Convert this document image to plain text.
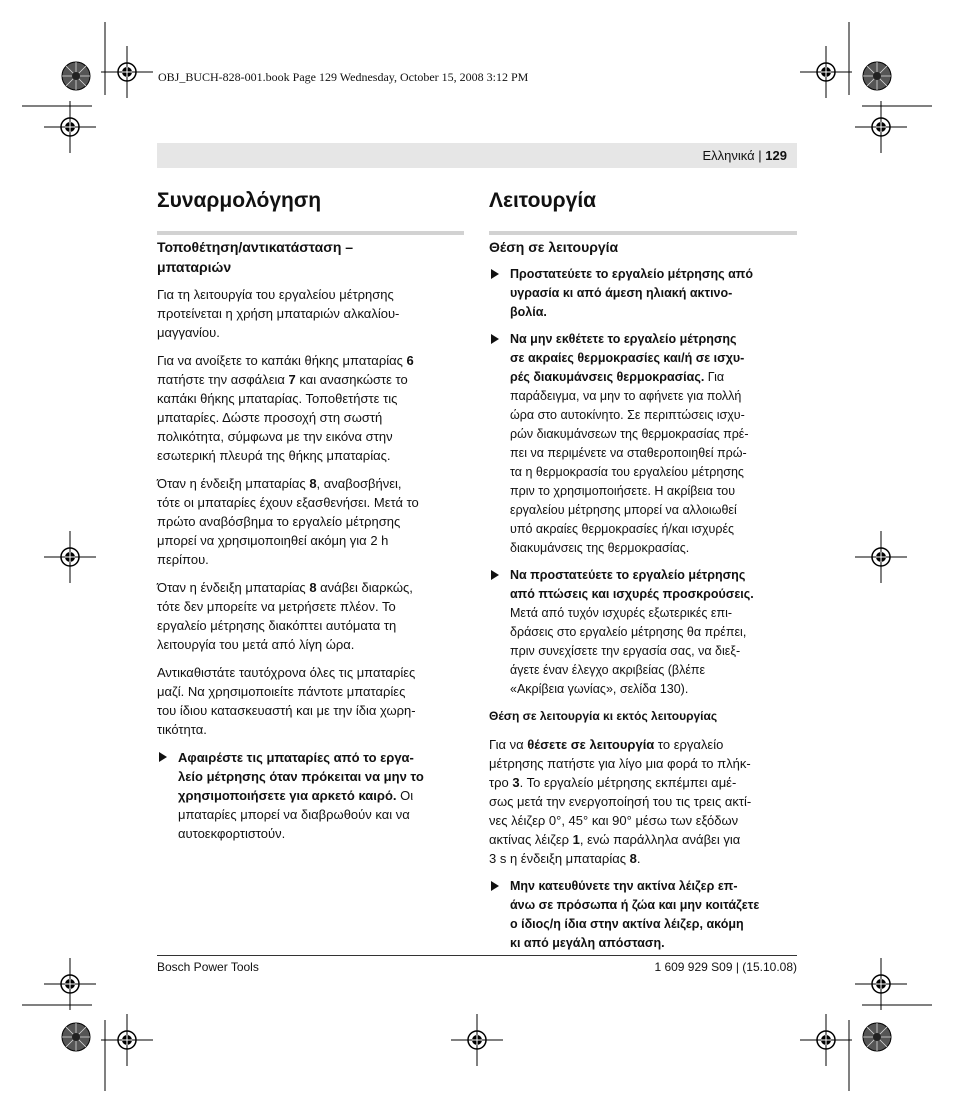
OBJ_BUCH-828-001.book Page 129 Wednesday, October 15, 2008 3:12 PM
Ελληνικά | 129
Συναρμολόγηση
Τοποθέτηση/αντικατάσταση –
μπαταριών

Για τη λειτουργία του εργαλείου μέτρησης
προτείνεται η χρήση μπαταριών αλκαλίου-
μαγγανίου.

Για να ανοίξετε το καπάκι θήκης μπαταρίας 6
πατήστε την ασφάλεια 7 και ανασηκώστε το
καπάκι θήκης μπαταρίας. Τοποθετήστε τις
μπαταρίες. Δώστε προσοχή στη σωστή
πολικότητα, σύμφωνα με την εικόνα στην
εσωτερική πλευρά της θήκης μπαταρίας.

Όταν η ένδειξη μπαταρίας 8, αναβοσβήνει,
τότε οι μπαταρίες έχουν εξασθενήσει. Μετά το
πρώτο αναβόσβημα το εργαλείο μέτρησης
μπορεί να χρησιμοποιηθεί ακόμη για 2 h
περίπου.

Όταν η ένδειξη μπαταρίας 8 ανάβει διαρκώς,
τότε δεν μπορείτε να μετρήσετε πλέον. Το
εργαλείο μέτρησης διακόπτει αυτόματα τη
λειτουργία του μετά από λίγη ώρα.

Αντικαθιστάτε ταυτόχρονα όλες τις μπαταρίες
μαζί. Να χρησιμοποιείτε πάντοτε μπαταρίες
του ίδιου κατασκευαστή και με την ίδια χωρη-
τικότητα.

Αφαιρέστε τις μπαταρίες από το εργα-
λείο μέτρησης όταν πρόκειται να μην το
χρησιμοποιήσετε για αρκετό καιρό. Οι
μπαταρίες μπορεί να διαβρωθούν και να
αυτοεκφορτιστούν.
Λειτουργία
Θέση σε λειτουργία
Προστατεύετε το εργαλείο μέτρησης από
υγρασία κι από άμεση ηλιακή ακτινο-
βολία.
Να μην εκθέτετε το εργαλείο μέτρησης
σε ακραίες θερμοκρασίες και/ή σε ισχυ-
ρές διακυμάνσεις θερμοκρασίας. Για
παράδειγμα, να μην το αφήνετε για πολλή
ώρα στο αυτοκίνητο. Σε περιπτώσεις ισχυ-
ρών διακυμάνσεων της θερμοκρασίας πρέ-
πει να περιμένετε να σταθεροποιηθεί πρώ-
τα η θερμοκρασία του εργαλείου μέτρησης
πριν το χρησιμοποιήσετε. Η ακρίβεια του
εργαλείου μέτρησης μπορεί να αλλοιωθεί
υπό ακραίες θερμοκρασίες ή/και ισχυρές
διακυμάνσεις της θερμοκρασίας.
Να προστατεύετε το εργαλείο μέτρησης
από πτώσεις και ισχυρές προσκρούσεις.
Μετά από τυχόν ισχυρές εξωτερικές επι-
δράσεις στο εργαλείο μέτρησης θα πρέπει,
πριν συνεχίσετε την εργασία σας, να διεξ-
άγετε έναν έλεγχο ακριβείας (βλέπε
«Ακρίβεια γωνίας», σελίδα 130).
Θέση σε λειτουργία κι εκτός λειτουργίας

Για να θέσετε σε λειτουργία το εργαλείο
μέτρησης πατήστε για λίγο μια φορά το πλήκ-
τρο 3. Το εργαλείο μέτρησης εκπέμπει αμέ-
σως μετά την ενεργοποίησή του τις τρεις ακτί-
νες λέιζερ 0°, 45° και 90° μέσω των εξόδων
ακτίνας λέιζερ 1, ενώ παράλληλα ανάβει για
3 s η ένδειξη μπαταρίας 8.

Μην κατευθύνετε την ακτίνα λέιζερ επ-
άνω σε πρόσωπα ή ζώα και μην κοιτάζετε
ο ίδιος/η ίδια στην ακτίνα λέιζερ, ακόμη
κι από μεγάλη απόσταση.
Bosch Power Tools	1 609 929 S09 | (15.10.08)
